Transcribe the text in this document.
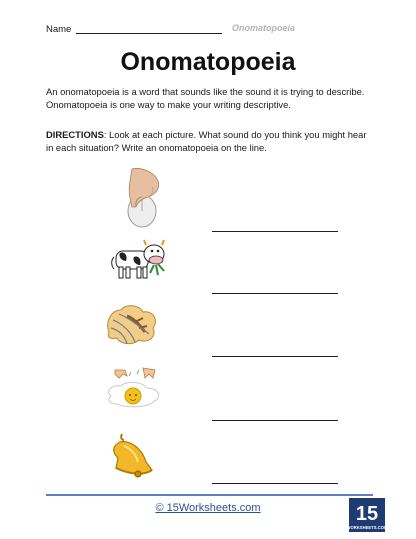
Name	Onomatopoeia
Onomatopoeia
An onomatopoeia is a word that sounds like the sound it is trying to describe. Onomatopoeia is one way to make your writing descriptive.
DIRECTIONS: Look at each picture. What sound do you think you might hear in each situation? Write an onomatopoeia on the line.
© 15Worksheets.com	15
WORKSHEETS.COM
